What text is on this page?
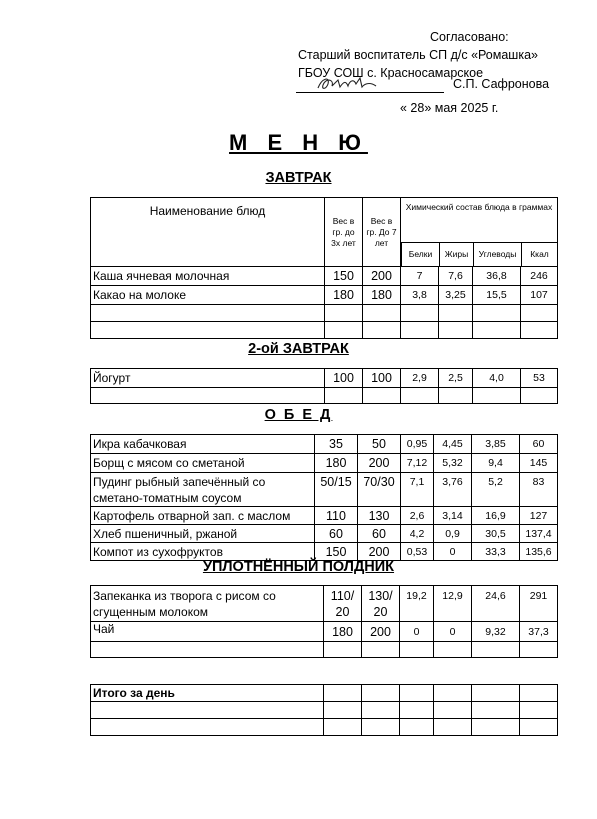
Согласовано:
Старший воспитатель СП д/с «Ромашка»
ГБОУ СОШ с. Красносамарское
С.П. Сафронова
« 28» мая 2025 г.
М Е Н Ю
ЗАВТРАК
2-ой ЗАВТРАК
О Б Е Д
УПЛОТНЁННЫЙ ПОЛДНИК
Наименование блюд	Вес в гр. до 3х лет	Вес в гр. До 7 лет	Химический состав блюда в граммах

Белки	Жиры	Углеводы	Ккал
Каша ячневая молочная	150	200	7	7,6	36,8	246
Какао на молоке	180	180	3,8	3,25	15,5	107

Йогурт	100	100	2,9	2,5	4,0	53

Икра кабачковая	35	50	0,95	4,45	3,85	60
Борщ с мясом со сметаной	180	200	7,12	5,32	9,4	145
Пудинг рыбный запечённый со сметано-томатным соусом	50/15	70/30	7,1	3,76	5,2	83
Картофель отварной зап. с маслом	110	130	2,6	3,14	16,9	127
Хлеб пшеничный, ржаной	60	60	4,2	0,9	30,5	137,4
Компот из сухофруктов	150	200	0,53	0	33,3	135,6
Запеканка из творога с рисом со сгущенным молоком	110/ 20	130/ 20	19,2	12,9	24,6	291
Чай	180	200	0	0	9,32	37,3

Итого за день						
